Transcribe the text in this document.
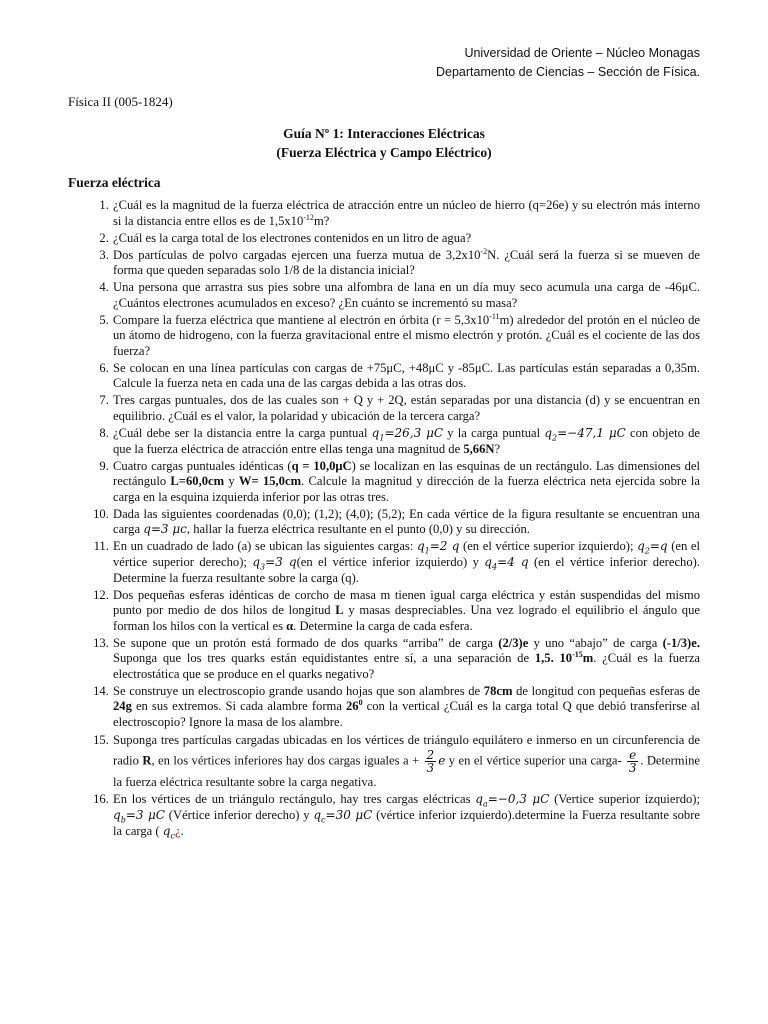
Universidad de Oriente – Núcleo Monagas
Departamento de Ciencias – Sección de Física.
Física II (005-1824)
Guía Nº 1: Interacciones Eléctricas
(Fuerza Eléctrica y Campo Eléctrico)
Fuerza eléctrica
1. ¿Cuál es la magnitud de la fuerza eléctrica de atracción entre un núcleo de hierro (q=26e) y su electrón más interno si la distancia entre ellos es de $1,5x10^{-12}m$?
2. ¿Cuál es la carga total de los electrones contenidos en un litro de agua?
3. Dos partículas de polvo cargadas ejercen una fuerza mutua de $3,2x10^{-2}N$. ¿Cuál será la fuerza si se mueven de forma que queden separadas solo 1/8 de la distancia inicial?
4. Una persona que arrastra sus pies sobre una alfombra de lana en un día muy seco acumula una carga de -46μC. ¿Cuántos electrones acumulados en exceso? ¿En cuánto se incrementó su masa?
5. Compare la fuerza eléctrica que mantiene al electrón en órbita $(r = 5,3x10^{-11}m)$ alrededor del protón en el núcleo de un átomo de hidrogeno, con la fuerza gravitacional entre el mismo electrón y protón. ¿Cuál es el cociente de las dos fuerza?
6. Se colocan en una línea partículas con cargas de +75μC, +48μC y -85μC. Las partículas están separadas a 0,35m. Calcule la fuerza neta en cada una de las cargas debida a las otras dos.
7. Tres cargas puntuales, dos de las cuales son + Q y + 2Q, están separadas por una distancia (d) y se encuentran en equilibrio. ¿Cuál es el valor, la polaridad y ubicación de la tercera carga?
8. ¿Cuál debe ser la distancia entre la carga puntual $q_1=26,3$ μC y la carga puntual $q_2=-47,1$ μC con objeto de que la fuerza eléctrica de atracción entre ellas tenga una magnitud de 5,66N?
9. Cuatro cargas puntuales idénticas (q = 10,0μC) se localizan en las esquinas de un rectángulo. Las dimensiones del rectángulo L=60,0cm y W= 15,0cm. Calcule la magnitud y dirección de la fuerza eléctrica neta ejercida sobre la carga en la esquina izquierda inferior por las otras tres.
10. Dada las siguientes coordenadas (0,0); (1,2); (4,0); (5,2); En cada vértice de la figura resultante se encuentran una carga q=3 μc, hallar la fuerza eléctrica resultante en el punto (0,0) y su dirección.
11. En un cuadrado de lado (a) se ubican las siguientes cargas: $q_1=2$ q (en el vértice superior izquierdo); $q_2=q$ (en el vértice superior derecho); $q_3=3$ q(en el vértice inferior izquierdo) y $q_4=4$ q (en el vértice inferior derecho). Determine la fuerza resultante sobre la carga (q).
12. Dos pequeñas esferas idénticas de corcho de masa m tienen igual carga eléctrica y están suspendidas del mismo punto por medio de dos hilos de longitud L y masas despreciables. Una vez logrado el equilibrio el ángulo que forman los hilos con la vertical es α. Determine la carga de cada esfera.
13. Se supone que un protón está formado de dos quarks “arriba” de carga (2/3)e y uno “abajo” de carga (-1/3)e. Suponga que los tres quarks están equidistantes entre sí, a una separación de 1,5. $10^{-15}m$. ¿Cuál es la fuerza electrostática que se produce en el quarks negativo?
14. Se construye un electroscopio grande usando hojas que son alambres de 78cm de longitud con pequeñas esferas de 24g en sus extremos. Si cada alambre forma $26^0$ con la vertical ¿Cuál es la carga total Q que debió transferirse al electroscopio? Ignore la masa de los alambre.
15. Suponga tres partículas cargadas ubicadas en los vértices de triángulo equilátero e inmerso en un circunferencia de radio R, en los vértices inferiores hay dos cargas iguales $a + \frac{2}{3}$ e y en el vértice superior una carga- $\frac{e}{3}$ . Determine la fuerza eléctrica resultante sobre la carga negativa.
16. En los vértices de un triángulo rectángulo, hay tres cargas eléctricas $q_a=-0,3$ μC (Vertice superior izquierdo); $q_b=3$ μC (Vértice inferior derecho) y $q_c=30$ μC (vértice inferior izquierdo).determine la Fuerza resultante sobre la carga ( $q_c¿$.
